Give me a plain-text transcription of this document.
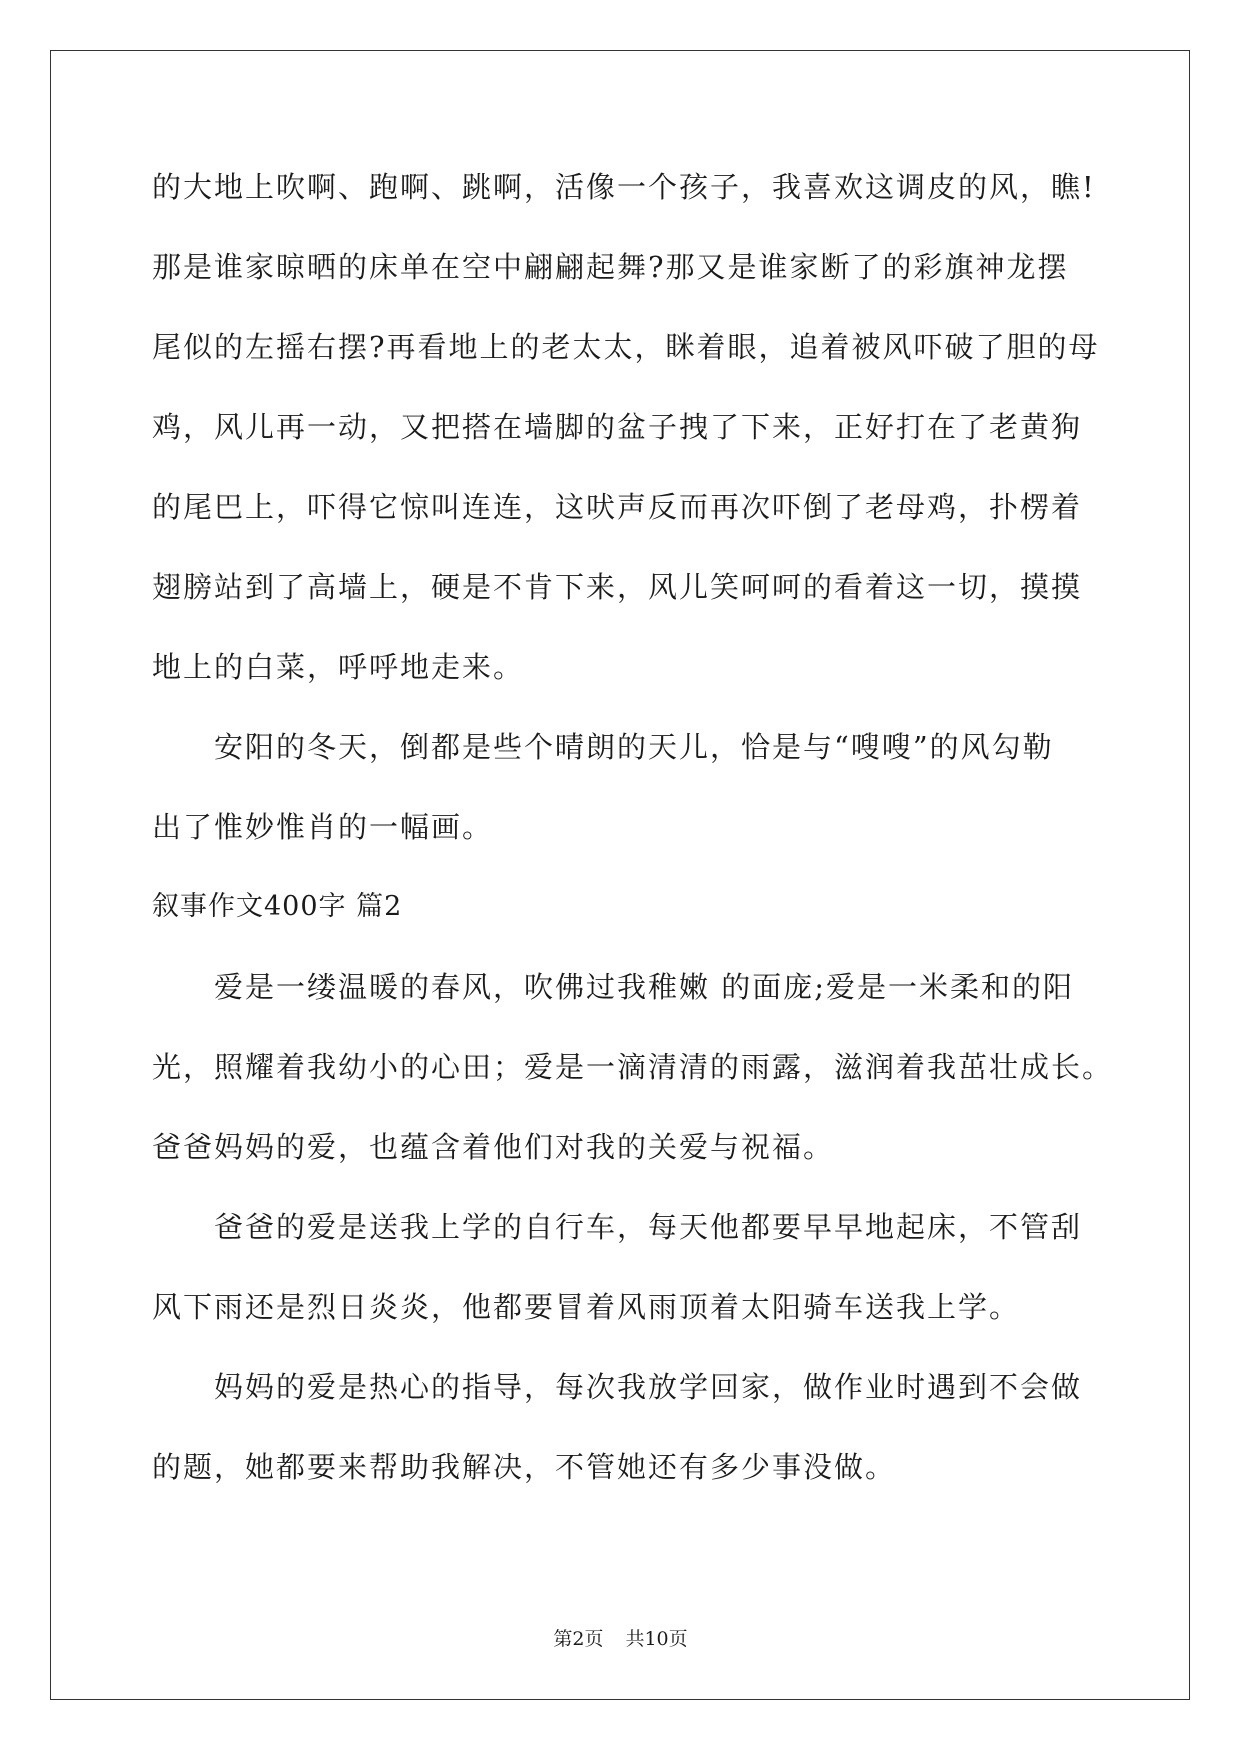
的大地上吹啊、跑啊、跳啊，活像一个孩子，我喜欢这调皮的风，瞧!
那是谁家晾晒的床单在空中翩翩起舞?那又是谁家断了的彩旗神龙摆
尾似的左摇右摆?再看地上的老太太，眯着眼，追着被风吓破了胆的母
鸡，风儿再一动，又把搭在墙脚的盆子拽了下来，正好打在了老黄狗
的尾巴上，吓得它惊叫连连，这吠声反而再次吓倒了老母鸡，扑楞着
翅膀站到了高墙上，硬是不肯下来，风儿笑呵呵的看着这一切，摸摸
地上的白菜，呼呼地走来。
安阳的冬天，倒都是些个晴朗的天儿，恰是与“嗖嗖”的风勾勒
出了惟妙惟肖的一幅画。
叙事作文400字 篇2
爱是一缕温暖的春风，吹佛过我稚嫩 的面庞;爱是一米柔和的阳
光，照耀着我幼小的心田；爱是一滴清清的雨露，滋润着我茁壮成长。
爸爸妈妈的爱，也蕴含着他们对我的关爱与祝福。
爸爸的爱是送我上学的自行车，每天他都要早早地起床，不管刮
风下雨还是烈日炎炎，他都要冒着风雨顶着太阳骑车送我上学。
妈妈的爱是热心的指导，每次我放学回家，做作业时遇到不会做
的题，她都要来帮助我解决，不管她还有多少事没做。
第2页 共10页
